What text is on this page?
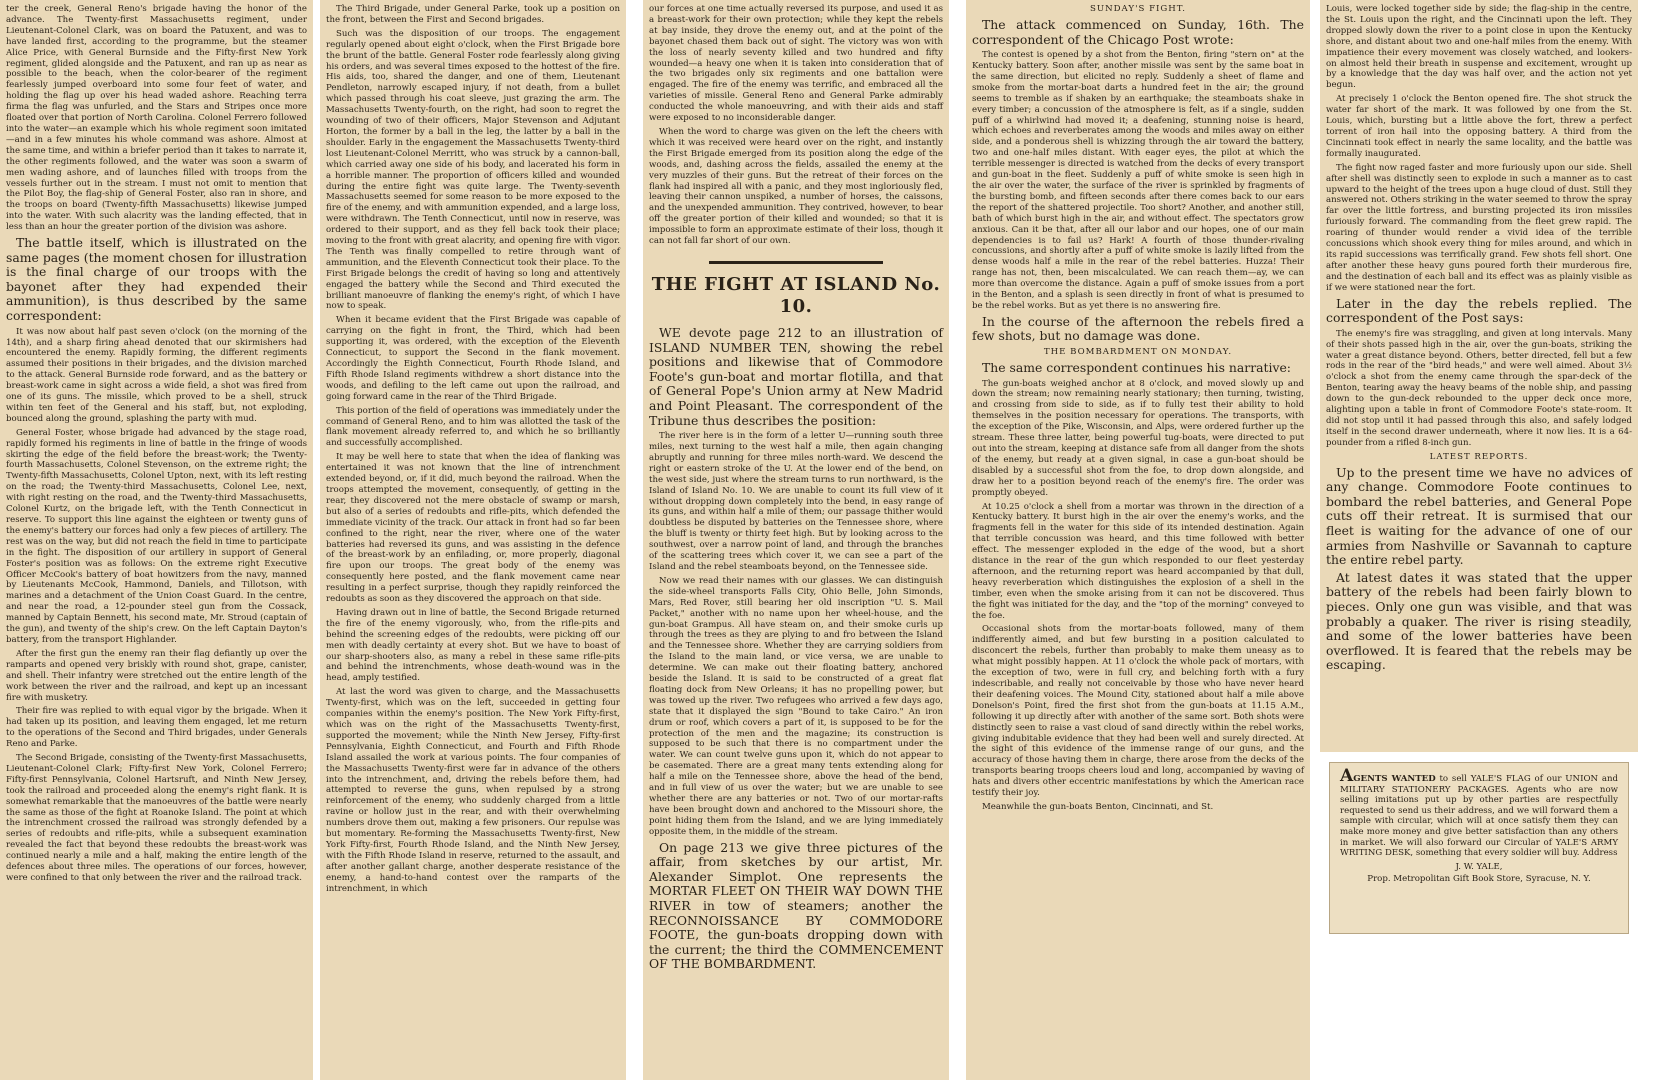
ter the creek, General Reno's brigade having the honor of the advance. The Twenty-first Massachusetts regiment, under Lieutenant-Colonel Clark, was on board the Patuxent, and was to have landed first, according to the programme, but the steamer Alice Price, with General Burnside and the Fifty-first New York regiment, glided alongside and the Patuxent, and ran up as near as possible to the beach, when the color-bearer of the regiment fearlessly jumped overboard into some four feet of water, and holding the flag up over his head waded ashore. Reaching terra firma the flag was unfurled, and the Stars and Stripes once more floated over that portion of North Carolina. Colonel Ferrero followed into the water—an example which his whole regiment soon imitated—and in a few minutes his whole command was ashore. Almost at the same time, and within a briefer period than it takes to narrate it, the other regiments followed, and the water was soon a swarm of men wading ashore, and of launches filled with troops from the vessels further out in the stream. I must not omit to mention that the Pilot Boy, the flag-ship of General Foster, also ran in shore, and the troops on board (Twenty-fifth Massachusetts) likewise jumped into the water. With such alacrity was the landing effected, that in less than an hour the greater portion of the division was ashore.

The battle itself, which is illustrated on the same pages (the moment chosen for illustration is the final charge of our troops with the bayonet after they had expended their ammunition), is thus described by the same correspondent:

It was now about half past seven o'clock (on the morning of the 14th), and a sharp firing ahead denoted that our skirmishers had encountered the enemy. Rapidly forming, the different regiments assumed their positions in their brigades, and the division marched to the attack. General Burnside rode forward, and as the battery or breast-work came in sight across a wide field, a shot was fired from one of its guns. The missile, which proved to be a shell, struck within ten feet of the General and his staff, but, not exploding, bounced along the ground, splashing the party with mud.

General Foster, whose brigade had advanced by the stage road, rapidly formed his regiments in line of battle in the fringe of woods skirting the edge of the field before the breast-work; the Twenty-fourth Massachusetts, Colonel Stevenson, on the extreme right; the Twenty-fifth Massachusetts, Colonel Upton, next, with its left resting on the road; the Twenty-third Massachusetts, Colonel Lee, next, with right resting on the road, and the Twenty-third Massachusetts, Colonel Kurtz, on the brigade left, with the Tenth Connecticut in reserve. To support this line against the eighteen or twenty guns of the enemy's battery our forces had only a few pieces of artillery. The rest was on the way, but did not reach the field in time to participate in the fight. The disposition of our artillery in support of General Foster's position was as follows: On the extreme right Executive Officer McCook's battery of boat howitzers from the navy, manned by Lieutenants McCook, Hammond, Daniels, and Tillotson, with marines and a detachment of the Union Coast Guard. In the centre, and near the road, a 12-pounder steel gun from the Cossack, manned by Captain Bennett, his second mate, Mr. Stroud (captain of the gun), and twenty of the ship's crew. On the left Captain Dayton's battery, from the transport Highlander.

After the first gun the enemy ran their flag defiantly up over the ramparts and opened very briskly with round shot, grape, canister, and shell. Their infantry were stretched out the entire length of the work between the river and the railroad, and kept up an incessant fire with musketry.

Their fire was replied to with equal vigor by the brigade. When it had taken up its position, and leaving them engaged, let me return to the operations of the Second and Third brigades, under Generals Reno and Parke.

The Second Brigade, consisting of the Twenty-first Massachusetts, Lieutenant-Colonel Clark; Fifty-first New York, Colonel Ferrero; Fifty-first Pennsylvania, Colonel Hartsruft, and Ninth New Jersey, took the railroad and proceeded along the enemy's right flank. It is somewhat remarkable that the manoeuvres of the battle were nearly the same as those of the fight at Roanoke Island. The point at which the intrenchment crossed the railroad was strongly defended by a series of redoubts and rifle-pits, while a subsequent examination revealed the fact that beyond these redoubts the breast-work was continued nearly a mile and a half, making the entire length of the defences about three miles. The operations of our forces, however, were confined to that only between the river and the railroad track.

The Third Brigade, under General Parke, took up a position on the front, between the First and Second brigades.

Such was the disposition of our troops. The engagement regularly opened about eight o'clock, when the First Brigade bore the brunt of the battle. General Foster rode fearlessly along giving his orders, and was several times exposed to the hottest of the fire. His aids, too, shared the danger, and one of them, Lieutenant Pendleton, narrowly escaped injury, if not death, from a bullet which passed through his coat sleeve, just grazing the arm. The Massachusetts Twenty-fourth, on the right, had soon to regret the wounding of two of their officers, Major Stevenson and Adjutant Horton, the former by a ball in the leg, the latter by a ball in the shoulder. Early in the engagement the Massachusetts Twenty-third lost Lieutenant-Colonel Merritt, who was struck by a cannon-ball, which carried away one side of his body, and lacerated his form in a horrible manner. The proportion of officers killed and wounded during the entire fight was quite large. The Twenty-seventh Massachusetts seemed for some reason to be more exposed to the fire of the enemy, and with ammunition expended, and a large loss, were withdrawn. The Tenth Connecticut, until now in reserve, was ordered to their support, and as they fell back took their place; moving to the front with great alacrity, and opening fire with vigor. The Tenth was finally compelled to retire through want of ammunition, and the Eleventh Connecticut took their place. To the First Brigade belongs the credit of having so long and attentively engaged the battery while the Second and Third executed the brilliant manoeuvre of flanking the enemy's right, of which I have now to speak.

When it became evident that the First Brigade was capable of carrying on the fight in front, the Third, which had been supporting it, was ordered, with the exception of the Eleventh Connecticut, to support the Second in the flank movement. Accordingly the Eighth Connecticut, Fourth Rhode Island, and Fifth Rhode Island regiments withdrew a short distance into the woods, and defiling to the left came out upon the railroad, and going forward came in the rear of the Third Brigade.

This portion of the field of operations was immediately under the command of General Reno, and to him was allotted the task of the flank movement already referred to, and which he so brilliantly and successfully accomplished.

It may be well here to state that when the idea of flanking was entertained it was not known that the line of intrenchment extended beyond, or, if it did, much beyond the railroad. When the troops attempted the movement, consequently, of getting in the rear, they discovered not the mere obstacle of swamp or marsh, but also of a series of redoubts and rifle-pits, which defended the immediate vicinity of the track. Our attack in front had so far been confined to the right, near the river, where one of the water batteries had reversed its guns, and was assisting in the defence of the breast-work by an enfilading, or, more properly, diagonal fire upon our troops. The great body of the enemy was consequently here posted, and the flank movement came near resulting in a perfect surprise, though they rapidly reinforced the redoubts as soon as they discovered the approach on that side.

Having drawn out in line of battle, the Second Brigade returned the fire of the enemy vigorously, who, from the rifle-pits and behind the screening edges of the redoubts, were picking off our men with deadly certainty at every shot. But we have to boast of our sharp-shooters also, as many a rebel in these same rifle-pits and behind the intrenchments, whose death-wound was in the head, amply testified.

At last the word was given to charge, and the Massachusetts Twenty-first, which was on the left, succeeded in getting four companies within the enemy's position. The New York Fifty-first, which was on the right of the Massachusetts Twenty-first, supported the movement; while the Ninth New Jersey, Fifty-first Pennsylvania, Eighth Connecticut, and Fourth and Fifth Rhode Island assailed the work at various points. The four companies of the Massachusetts Twenty-first were far in advance of the others into the intrenchment, and, driving the rebels before them, had attempted to reverse the guns, when repulsed by a strong reinforcement of the enemy, who suddenly charged from a little ravine or hollow just in the rear, and with their overwhelming numbers drove them out, making a few prisoners. Our repulse was but momentary. Re-forming the Massachusetts Twenty-first, New York Fifty-first, Fourth Rhode Island, and the Ninth New Jersey, with the Fifth Rhode Island in reserve, returned to the assault, and after another gallant charge, another desperate resistance of the enemy, a hand-to-hand contest over the ramparts of the intrenchment, in which

our forces at one time actually reversed its purpose, and used it as a breast-work for their own protection; while they kept the rebels at bay inside, they drove the enemy out, and at the point of the bayonet chased them back out of sight. The victory was won with the loss of nearly seventy killed and two hundred and fifty wounded—a heavy one when it is taken into consideration that of the two brigades only six regiments and one battalion were engaged. The fire of the enemy was terrific, and embraced all the varieties of missile. General Reno and General Parke admirably conducted the whole manoeuvring, and with their aids and staff were exposed to no inconsiderable danger.

When the word to charge was given on the left the cheers with which it was received were heard over on the right, and instantly the First Brigade emerged from its position along the edge of the woods, and, dashing across the fields, assailed the enemy at the very muzzles of their guns. But the retreat of their forces on the flank had inspired all with a panic, and they most ingloriously fled, leaving their cannon unspiked, a number of horses, the caissons, and the unexpended ammunition. They contrived, however, to bear off the greater portion of their killed and wounded; so that it is impossible to form an approximate estimate of their loss, though it can not fall far short of our own.

THE FIGHT AT ISLAND No. 10.

WE devote page 212 to an illustration of ISLAND NUMBER TEN, showing the rebel positions and likewise that of Commodore Foote's gun-boat and mortar flotilla, and that of General Pope's Union army at New Madrid and Point Pleasant. The correspondent of the Tribune thus describes the position:

The river here is in the form of a letter U—running south three miles, next turning to the west half a mile, then again changing abruptly and running for three miles north-ward. We descend the right or eastern stroke of the U. At the lower end of the bend, on the west side, just where the stream turns to run northward, is the Island of Island No. 10. We are unable to count its full view of it without dropping down completely into the bend, in easy range of its guns, and within half a mile of them; our passage thither would doubtless be disputed by batteries on the Tennessee shore, where the bluff is twenty or thirty feet high. But by looking across to the southwest, over a narrow point of land, and through the branches of the scattering trees which cover it, we can see a part of the Island and the rebel steamboats beyond, on the Tennessee side.

Now we read their names with our glasses. We can distinguish the side-wheel transports Falls City, Ohio Belle, John Simonds, Mars, Red Rover, still bearing her old inscription "U. S. Mail Packet," another with no name upon her wheel-house, and the gun-boat Grampus. All have steam on, and their smoke curls up through the trees as they are plying to and fro between the Island and the Tennessee shore. Whether they are carrying soldiers from the Island to the main land, or vice versa, we are unable to determine. We can make out their floating battery, anchored beside the Island. It is said to be constructed of a great flat floating dock from New Orleans; it has no propelling power, but was towed up the river. Two refugees who arrived a few days ago, state that it displayed the sign "Bound to take Cairo." An iron drum or roof, which covers a part of it, is supposed to be for the protection of the men and the magazine; its construction is supposed to be such that there is no compartment under the water. We can count twelve guns upon it, which do not appear to be casemated. There are a great many tents extending along for half a mile on the Tennessee shore, above the head of the bend, and in full view of us over the water; but we are unable to see whether there are any batteries or not. Two of our mortar-rafts have been brought down and anchored to the Missouri shore, the point hiding them from the Island, and we are lying immediately opposite them, in the middle of the stream.

On page 213 we give three pictures of the affair, from sketches by our artist, Mr. Alexander Simplot. One represents the MORTAR FLEET ON THEIR WAY DOWN THE RIVER in tow of steamers; another the RECONNOISSANCE BY COMMODORE FOOTE, the gun-boats dropping down with the current; the third the COMMENCEMENT OF THE BOMBARDMENT.

SUNDAY'S FIGHT.

The attack commenced on Sunday, 16th. The correspondent of the Chicago Post wrote:

The contest is opened by a shot from the Benton, firing "stern on" at the Kentucky battery. Soon after, another missile was sent by the same boat in the same direction, but elicited no reply. Suddenly a sheet of flame and smoke from the mortar-boat darts a hundred feet in the air; the ground seems to tremble as if shaken by an earthquake; the steamboats shake in every timber; a concussion of the atmosphere is felt, as if a single, sudden puff of a whirlwind had moved it; a deafening, stunning noise is heard, which echoes and reverberates among the woods and miles away on either side, and a ponderous shell is whizzing through the air toward the battery, two and one-half miles distant. With eager eyes, the pilot at which the terrible messenger is directed is watched from the decks of every transport and gun-boat in the fleet. Suddenly a puff of white smoke is seen high in the air over the water, the surface of the river is sprinkled by fragments of the bursting bomb, and fifteen seconds after there comes back to our ears the report of the shattered projectile. Too short? Another, and another still, bath of which burst high in the air, and without effect. The spectators grow anxious. Can it be that, after all our labor and our hopes, one of our main dependencies is to fail us? Hark! A fourth of those thunder-rivaling concussions, and shortly after a puff of white smoke is lazily lifted from the dense woods half a mile in the rear of the rebel batteries. Huzza! Their range has not, then, been miscalculated. We can reach them—ay, we can more than overcome the distance. Again a puff of smoke issues from a port in the Benton, and a splash is seen directly in front of what is presumed to be the rebel works. But as yet there is no answering fire.

In the course of the afternoon the rebels fired a few shots, but no damage was done.

THE BOMBARDMENT ON MONDAY.

The same correspondent continues his narrative:

The gun-boats weighed anchor at 8 o'clock, and moved slowly up and down the stream; now remaining nearly stationary; then turning, twisting, and crossing from side to side, as if to fully test their ability to hold themselves in the position necessary for operations. The transports, with the exception of the Pike, Wisconsin, and Alps, were ordered further up the stream. These three latter, being powerful tug-boats, were directed to put out into the stream, keeping at distance safe from all danger from the shots of the enemy, but ready at a given signal, in case a gun-boat should be disabled by a successful shot from the foe, to drop down alongside, and draw her to a position beyond reach of the enemy's fire. The order was promptly obeyed.

At 10.25 o'clock a shell from a mortar was thrown in the direction of a Kentucky battery. It burst high in the air over the enemy's works, and the fragments fell in the water for this side of its intended destination. Again that terrible concussion was heard, and this time followed with better effect. The messenger exploded in the edge of the wood, but a short distance in the rear of the gun which responded to our fleet yesterday afternoon, and the returning report was heard accompanied by that dull, heavy reverberation which distinguishes the explosion of a shell in the timber, even when the smoke arising from it can not be discovered. Thus the fight was initiated for the day, and the "top of the morning" conveyed to the foe.

Occasional shots from the mortar-boats followed, many of them indifferently aimed, and but few bursting in a position calculated to disconcert the rebels, further than probably to make them uneasy as to what might possibly happen. At 11 o'clock the whole pack of mortars, with the exception of two, were in full cry, and belching forth with a fury indescribable, and really not conceivable by those who have never heard their deafening voices. The Mound City, stationed about half a mile above Donelson's Point, fired the first shot from the gun-boats at 11.15 A.M., following it up directly after with another of the same sort. Both shots were distinctly seen to raise a vast cloud of sand directly within the rebel works, giving indubitable evidence that they had been well and surely directed. At the sight of this evidence of the immense range of our guns, and the accuracy of those having them in charge, there arose from the decks of the transports bearing troops cheers loud and long, accompanied by waving of hats and divers other eccentric manifestations by which the American race testify their joy.

Meanwhile the gun-boats Benton, Cincinnati, and St.

Louis, were locked together side by side; the flag-ship in the centre, the St. Louis upon the right, and the Cincinnati upon the left. They dropped slowly down the river to a point close in upon the Kentucky shore, and distant about two and one-half miles from the enemy. With impatience their every movement was closely watched, and lookers-on almost held their breath in suspense and excitement, wrought up by a knowledge that the day was half over, and the action not yet begun.

At precisely 1 o'clock the Benton opened fire. The shot struck the water far short of the mark. It was followed by one from the St. Louis, which, bursting but a little above the fort, threw a perfect torrent of iron hail into the opposing battery. A third from the Cincinnati took effect in nearly the same locality, and the battle was formally inaugurated.

The fight now raged faster and more furiously upon our side. Shell after shell was distinctly seen to explode in such a manner as to cast upward to the height of the trees upon a huge cloud of dust. Still they answered not. Others striking in the water seemed to throw the spray far over the little fortress, and bursting projected its iron missiles furiously forward. The commanding from the fleet grew rapid. The roaring of thunder would render a vivid idea of the terrible concussions which shook every thing for miles around, and which in its rapid successions was terrifically grand. Few shots fell short. One after another these heavy guns poured forth their murderous fire, and the destination of each ball and its effect was as plainly visible as if we were stationed near the fort.

Later in the day the rebels replied. The correspondent of the Post says:

The enemy's fire was straggling, and given at long intervals. Many of their shots passed high in the air, over the gun-boats, striking the water a great distance beyond. Others, better directed, fell but a few rods in the rear of the "bird heads," and were well aimed. About 3½ o'clock a shot from the enemy came through the spar-deck of the Benton, tearing away the heavy beams of the noble ship, and passing down to the gun-deck rebounded to the upper deck once more, alighting upon a table in front of Commodore Foote's state-room. It did not stop until it had passed through this also, and safely lodged itself in the second drawer underneath, where it now lies. It is a 64-pounder from a rifled 8-inch gun.

LATEST REPORTS.

Up to the present time we have no advices of any change. Commodore Foote continues to bombard the rebel batteries, and General Pope cuts off their retreat. It is surmised that our fleet is waiting for the advance of one of our armies from Nashville or Savannah to capture the entire rebel party.

At latest dates it was stated that the upper battery of the rebels had been fairly blown to pieces. Only one gun was visible, and that was probably a quaker. The river is rising steadily, and some of the lower batteries have been overflowed. It is feared that the rebels may be escaping.

AGENTS WANTED to sell YALE'S FLAG of our UNION and MILITARY STATIONERY PACKAGES. Agents who are now selling imitations put up by other parties are respectfully requested to send us their address, and we will forward them a sample with circular, which will at once satisfy them they can make more money and give better satisfaction than any others in market. We will also forward our Circular of YALE'S ARMY WRITING DESK, something that every soldier will buy. Address
J. W. YALE,
Prop. Metropolitan Gift Book Store, Syracuse, N. Y.
